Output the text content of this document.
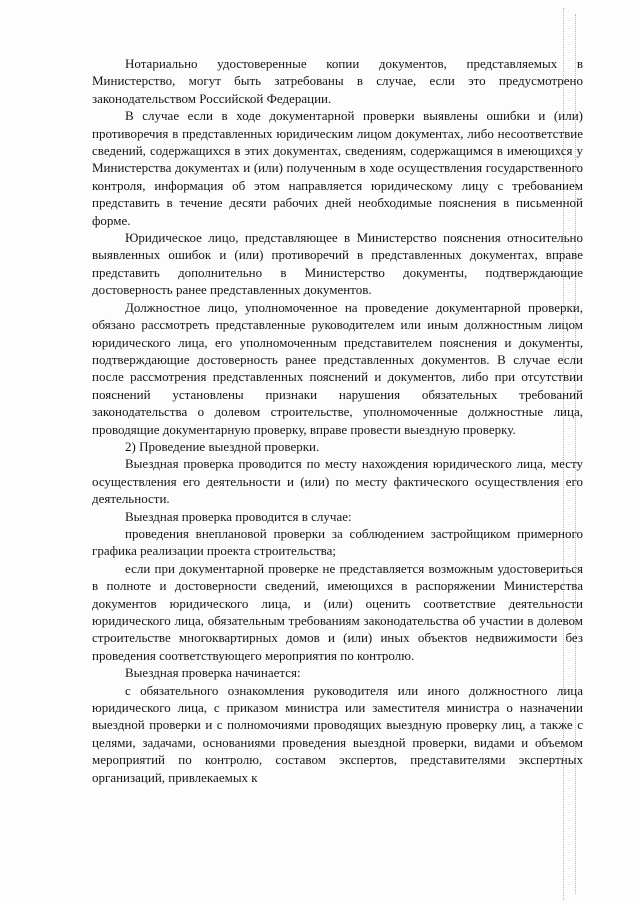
Нотариально удостоверенные копии документов, представляемых в Министерство, могут быть затребованы в случае, если это предусмотрено законодательством Российской Федерации.

В случае если в ходе документарной проверки выявлены ошибки и (или) противоречия в представленных юридическим лицом документах, либо несоответствие сведений, содержащихся в этих документах, сведениям, содержащимся в имеющихся у Министерства документах и (или) полученным в ходе осуществления государственного контроля, информация об этом направляется юридическому лицу с требованием представить в течение десяти рабочих дней необходимые пояснения в письменной форме.

Юридическое лицо, представляющее в Министерство пояснения относительно выявленных ошибок и (или) противоречий в представленных документах, вправе представить дополнительно в Министерство документы, подтверждающие достоверность ранее представленных документов.

Должностное лицо, уполномоченное на проведение документарной проверки, обязано рассмотреть представленные руководителем или иным должностным лицом юридического лица, его уполномоченным представителем пояснения и документы, подтверждающие достоверность ранее представленных документов. В случае если после рассмотрения представленных пояснений и документов, либо при отсутствии пояснений установлены признаки нарушения обязательных требований законодательства о долевом строительстве, уполномоченные должностные лица, проводящие документарную проверку, вправе провести выездную проверку.

2) Проведение выездной проверки.

Выездная проверка проводится по месту нахождения юридического лица, месту осуществления его деятельности и (или) по месту фактического осуществления его деятельности.

Выездная проверка проводится в случае:

проведения внеплановой проверки за соблюдением застройщиком примерного графика реализации проекта строительства;

если при документарной проверке не представляется возможным удостовериться в полноте и достоверности сведений, имеющихся в распоряжении Министерства документов юридического лица, и (или) оценить соответствие деятельности юридического лица, обязательным требованиям законодательства об участии в долевом строительстве многоквартирных домов и (или) иных объектов недвижимости без проведения соответствующего мероприятия по контролю.

Выездная проверка начинается:

с обязательного ознакомления руководителя или иного должностного лица юридического лица, с приказом министра или заместителя министра о назначении выездной проверки и с полномочиями проводящих выездную проверку лиц, а также с целями, задачами, основаниями проведения выездной проверки, видами и объемом мероприятий по контролю, составом экспертов, представителями экспертных организаций, привлекаемых к
